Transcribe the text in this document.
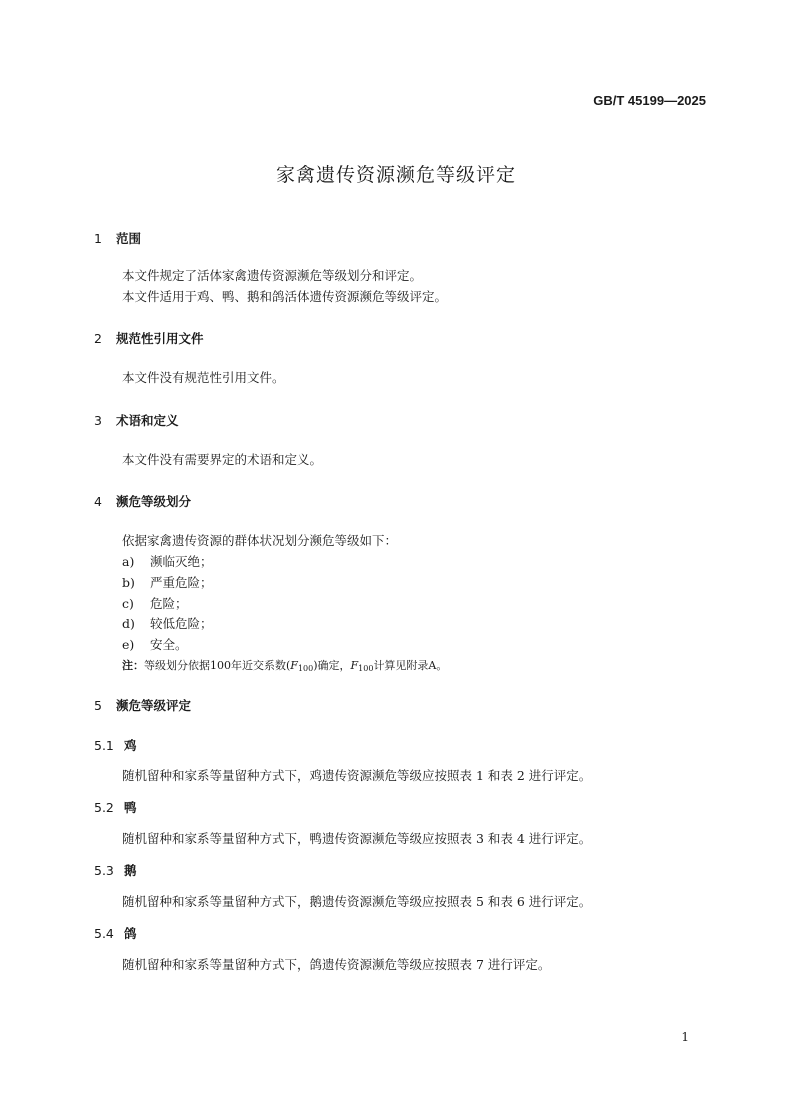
GB/T 45199—2025
家禽遗传资源濒危等级评定
1 范围
本文件规定了活体家禽遗传资源濒危等级划分和评定。
本文件适用于鸡、鸭、鹅和鸽活体遗传资源濒危等级评定。
2 规范性引用文件
本文件没有规范性引用文件。
3 术语和定义
本文件没有需要界定的术语和定义。
4 濒危等级划分
依据家禽遗传资源的群体状况划分濒危等级如下：
a) 濒临灭绝；
b) 严重危险；
c) 危险；
d) 较低危险；
e) 安全。
注：等级划分依据100年近交系数$(F_{100})$确定，$F_{100}$计算见附录A。
5 濒危等级评定
5.1 鸡
随机留种和家系等量留种方式下，鸡遗传资源濒危等级应按照表 1 和表 2 进行评定。
5.2 鸭
随机留种和家系等量留种方式下，鸭遗传资源濒危等级应按照表 3 和表 4 进行评定。
5.3 鹅
随机留种和家系等量留种方式下，鹅遗传资源濒危等级应按照表 5 和表 6 进行评定。
5.4 鸽
随机留种和家系等量留种方式下，鸽遗传资源濒危等级应按照表 7 进行评定。
1
